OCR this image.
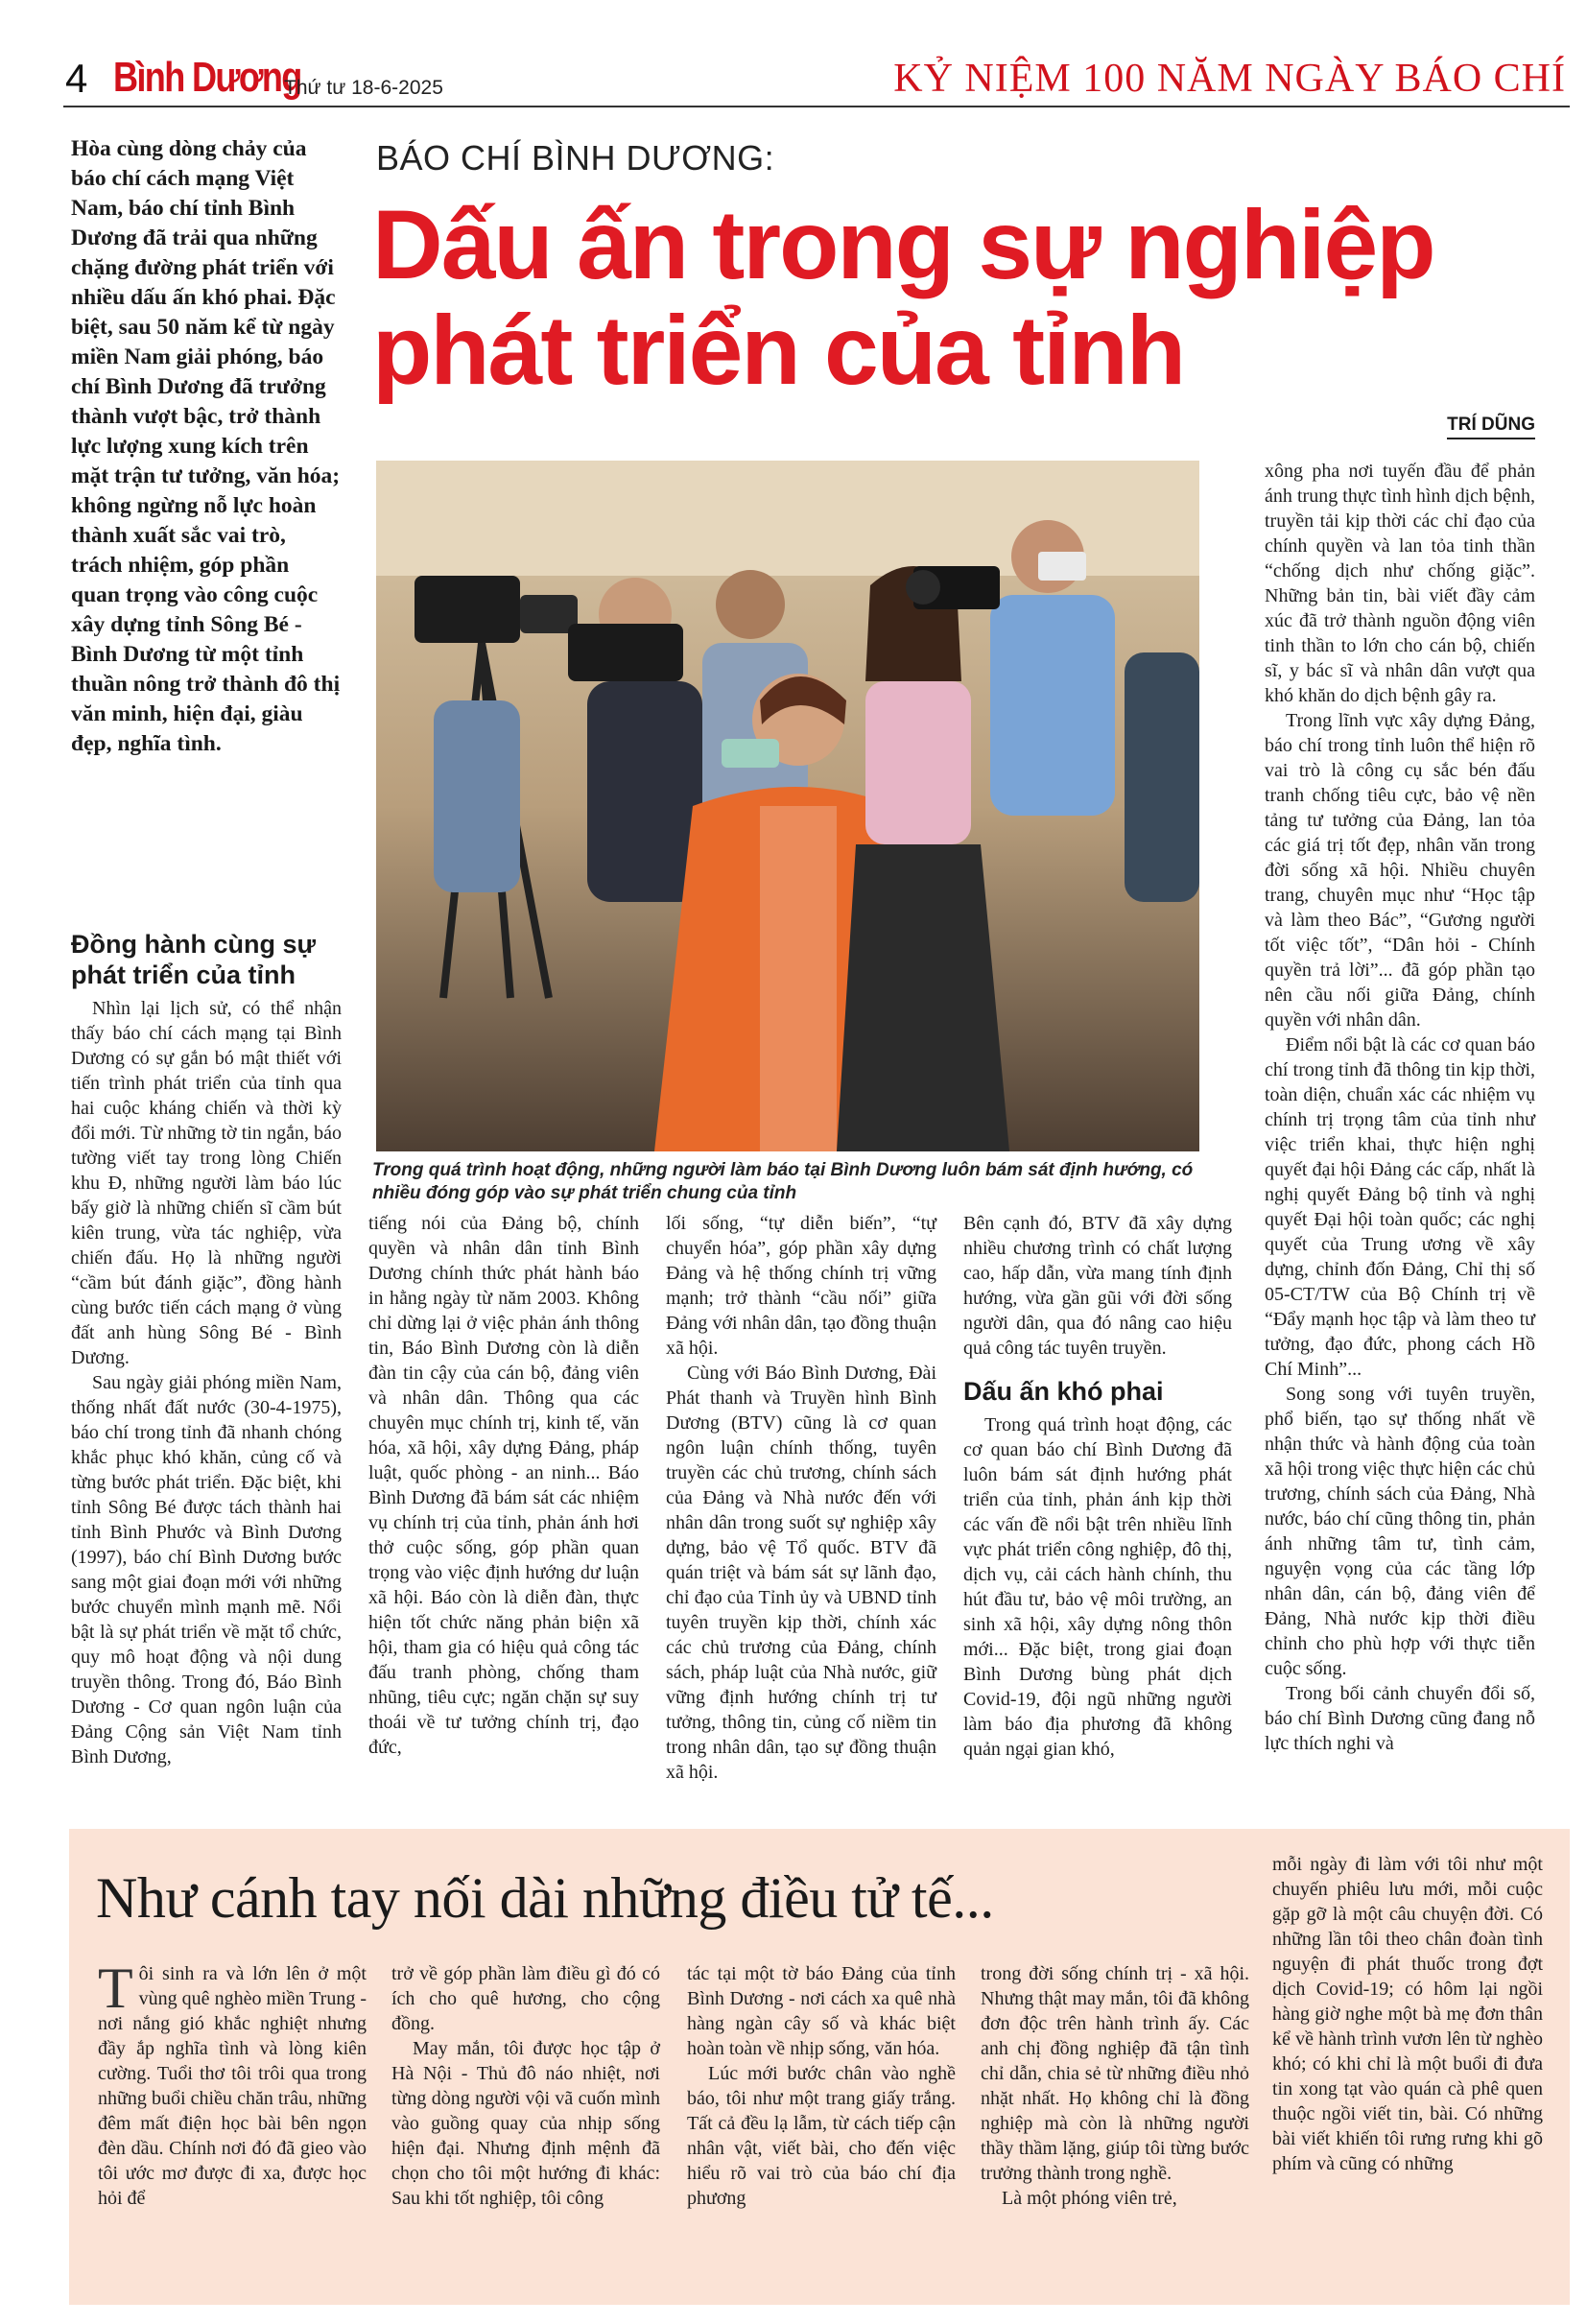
4 Bình Dương
Thứ tư 18-6-2025	KỶ NIỆM 100 NĂM NGÀY BÁO CHÍ
Hòa cùng dòng chảy của báo chí cách mạng Việt Nam, báo chí tỉnh Bình Dương đã trải qua những chặng đường phát triển với nhiều dấu ấn khó phai. Đặc biệt, sau 50 năm kể từ ngày miền Nam giải phóng, báo chí Bình Dương đã trưởng thành vượt bậc, trở thành lực lượng xung kích trên mặt trận tư tưởng, văn hóa; không ngừng nỗ lực hoàn thành xuất sắc vai trò, trách nhiệm, góp phần quan trọng vào công cuộc xây dựng tỉnh Sông Bé - Bình Dương từ một tỉnh thuần nông trở thành đô thị văn minh, hiện đại, giàu đẹp, nghĩa tình.
BÁO CHÍ BÌNH DƯƠNG:
Dấu ấn trong sự nghiệp
phát triển của tỉnh
TRÍ DŨNG
Trong quá trình hoạt động, những người làm báo tại Bình Dương luôn bám sát định hướng, có nhiều đóng góp vào sự phát triển chung của tỉnh
Đồng hành cùng sự phát triển của tỉnh

Nhìn lại lịch sử, có thể nhận thấy báo chí cách mạng tại Bình Dương có sự gắn bó mật thiết với tiến trình phát triển của tỉnh qua hai cuộc kháng chiến và thời kỳ đổi mới. Từ những tờ tin ngắn, báo tường viết tay trong lòng Chiến khu Đ, những người làm báo lúc bấy giờ là những chiến sĩ cầm bút kiên trung, vừa tác nghiệp, vừa chiến đấu. Họ là những người “cầm bút đánh giặc”, đồng hành cùng bước tiến cách mạng ở vùng đất anh hùng Sông Bé - Bình Dương.

Sau ngày giải phóng miền Nam, thống nhất đất nước (30-4-1975), báo chí trong tỉnh đã nhanh chóng khắc phục khó khăn, củng cố và từng bước phát triển. Đặc biệt, khi tỉnh Sông Bé được tách thành hai tỉnh Bình Phước và Bình Dương (1997), báo chí Bình Dương bước sang một giai đoạn mới với những bước chuyển mình mạnh mẽ. Nổi bật là sự phát triển về mặt tổ chức, quy mô hoạt động và nội dung truyền thông. Trong đó, Báo Bình Dương - Cơ quan ngôn luận của Đảng Cộng sản Việt Nam tỉnh Bình Dương,

tiếng nói của Đảng bộ, chính quyền và nhân dân tỉnh Bình Dương chính thức phát hành báo in hằng ngày từ năm 2003. Không chỉ dừng lại ở việc phản ánh thông tin, Báo Bình Dương còn là diễn đàn tin cậy của cán bộ, đảng viên và nhân dân. Thông qua các chuyên mục chính trị, kinh tế, văn hóa, xã hội, xây dựng Đảng, pháp luật, quốc phòng - an ninh... Báo Bình Dương đã bám sát các nhiệm vụ chính trị của tỉnh, phản ánh hơi thở cuộc sống, góp phần quan trọng vào việc định hướng dư luận xã hội. Báo còn là diễn đàn, thực hiện tốt chức năng phản biện xã hội, tham gia có hiệu quả công tác đấu tranh phòng, chống tham nhũng, tiêu cực; ngăn chặn sự suy thoái về tư tưởng chính trị, đạo đức,

lối sống, “tự diễn biến”, “tự chuyển hóa”, góp phần xây dựng Đảng và hệ thống chính trị vững mạnh; trở thành “cầu nối” giữa Đảng với nhân dân, tạo đồng thuận xã hội.

Cùng với Báo Bình Dương, Đài Phát thanh và Truyền hình Bình Dương (BTV) cũng là cơ quan ngôn luận chính thống, tuyên truyền các chủ trương, chính sách của Đảng và Nhà nước đến với nhân dân trong suốt sự nghiệp xây dựng, bảo vệ Tổ quốc. BTV đã quán triệt và bám sát sự lãnh đạo, chỉ đạo của Tỉnh ủy và UBND tỉnh tuyên truyền kịp thời, chính xác các chủ trương của Đảng, chính sách, pháp luật của Nhà nước, giữ vững định hướng chính trị tư tưởng, thông tin, củng cố niềm tin trong nhân dân, tạo sự đồng thuận xã hội.

Bên cạnh đó, BTV đã xây dựng nhiều chương trình có chất lượng cao, hấp dẫn, vừa mang tính định hướng, vừa gần gũi với đời sống người dân, qua đó nâng cao hiệu quả công tác tuyên truyền.

Dấu ấn khó phai

Trong quá trình hoạt động, các cơ quan báo chí Bình Dương đã luôn bám sát định hướng phát triển của tỉnh, phản ánh kịp thời các vấn đề nổi bật trên nhiều lĩnh vực phát triển công nghiệp, đô thị, dịch vụ, cải cách hành chính, thu hút đầu tư, bảo vệ môi trường, an sinh xã hội, xây dựng nông thôn mới... Đặc biệt, trong giai đoạn Bình Dương bùng phát dịch Covid-19, đội ngũ những người làm báo địa phương đã không quản ngại gian khó,

xông pha nơi tuyến đầu để phản ánh trung thực tình hình dịch bệnh, truyền tải kịp thời các chỉ đạo của chính quyền và lan tỏa tinh thần “chống dịch như chống giặc”. Những bản tin, bài viết đầy cảm xúc đã trở thành nguồn động viên tinh thần to lớn cho cán bộ, chiến sĩ, y bác sĩ và nhân dân vượt qua khó khăn do dịch bệnh gây ra.

Trong lĩnh vực xây dựng Đảng, báo chí trong tỉnh luôn thể hiện rõ vai trò là công cụ sắc bén đấu tranh chống tiêu cực, bảo vệ nền tảng tư tưởng của Đảng, lan tỏa các giá trị tốt đẹp, nhân văn trong đời sống xã hội. Nhiều chuyên trang, chuyên mục như “Học tập và làm theo Bác”, “Gương người tốt việc tốt”, “Dân hỏi - Chính quyền trả lời”... đã góp phần tạo nên cầu nối giữa Đảng, chính quyền với nhân dân.

Điểm nổi bật là các cơ quan báo chí trong tỉnh đã thông tin kịp thời, toàn diện, chuẩn xác các nhiệm vụ chính trị trọng tâm của tỉnh như việc triển khai, thực hiện nghị quyết đại hội Đảng các cấp, nhất là nghị quyết Đảng bộ tỉnh và nghị quyết Đại hội toàn quốc; các nghị quyết của Trung ương về xây dựng, chỉnh đốn Đảng, Chỉ thị số 05-CT/TW của Bộ Chính trị về “Đẩy mạnh học tập và làm theo tư tưởng, đạo đức, phong cách Hồ Chí Minh”...

Song song với tuyên truyền, phổ biến, tạo sự thống nhất về nhận thức và hành động của toàn xã hội trong việc thực hiện các chủ trương, chính sách của Đảng, Nhà nước, báo chí cũng thông tin, phản ánh những tâm tư, tình cảm, nguyện vọng của các tầng lớp nhân dân, cán bộ, đảng viên để Đảng, Nhà nước kịp thời điều chỉnh cho phù hợp với thực tiễn cuộc sống.

Trong bối cảnh chuyển đổi số, báo chí Bình Dương cũng đang nỗ lực thích nghi và

Như cánh tay nối dài những điều tử tế...

Tôi sinh ra và lớn lên ở một vùng quê nghèo miền Trung - nơi nắng gió khắc nghiệt nhưng đầy ắp nghĩa tình và lòng kiên cường. Tuổi thơ tôi trôi qua trong những buổi chiều chăn trâu, những đêm mất điện học bài bên ngọn đèn dầu. Chính nơi đó đã gieo vào tôi ước mơ được đi xa, được học hỏi để

trở về góp phần làm điều gì đó có ích cho quê hương, cho cộng đồng.

May mắn, tôi được học tập ở Hà Nội - Thủ đô náo nhiệt, nơi từng dòng người vội vã cuốn mình vào guồng quay của nhịp sống hiện đại. Nhưng định mệnh đã chọn cho tôi một hướng đi khác: Sau khi tốt nghiệp, tôi công

tác tại một tờ báo Đảng của tỉnh Bình Dương - nơi cách xa quê nhà hàng ngàn cây số và khác biệt hoàn toàn về nhịp sống, văn hóa.

Lúc mới bước chân vào nghề báo, tôi như một trang giấy trắng. Tất cả đều lạ lẫm, từ cách tiếp cận nhân vật, viết bài, cho đến việc hiểu rõ vai trò của báo chí địa phương

trong đời sống chính trị - xã hội. Nhưng thật may mắn, tôi đã không đơn độc trên hành trình ấy. Các anh chị đồng nghiệp đã tận tình chỉ dẫn, chia sẻ từ những điều nhỏ nhặt nhất. Họ không chỉ là đồng nghiệp mà còn là những người thầy thầm lặng, giúp tôi từng bước trưởng thành trong nghề.

Là một phóng viên trẻ,

mỗi ngày đi làm với tôi như một chuyến phiêu lưu mới, mỗi cuộc gặp gỡ là một câu chuyện đời. Có những lần tôi theo chân đoàn tình nguyện đi phát thuốc trong đợt dịch Covid-19; có hôm lại ngồi hàng giờ nghe một bà mẹ đơn thân kể về hành trình vươn lên từ nghèo khó; có khi chỉ là một buổi đi đưa tin xong tạt vào quán cà phê quen thuộc ngồi viết tin, bài. Có những bài viết khiến tôi rưng rưng khi gõ phím và cũng có những
